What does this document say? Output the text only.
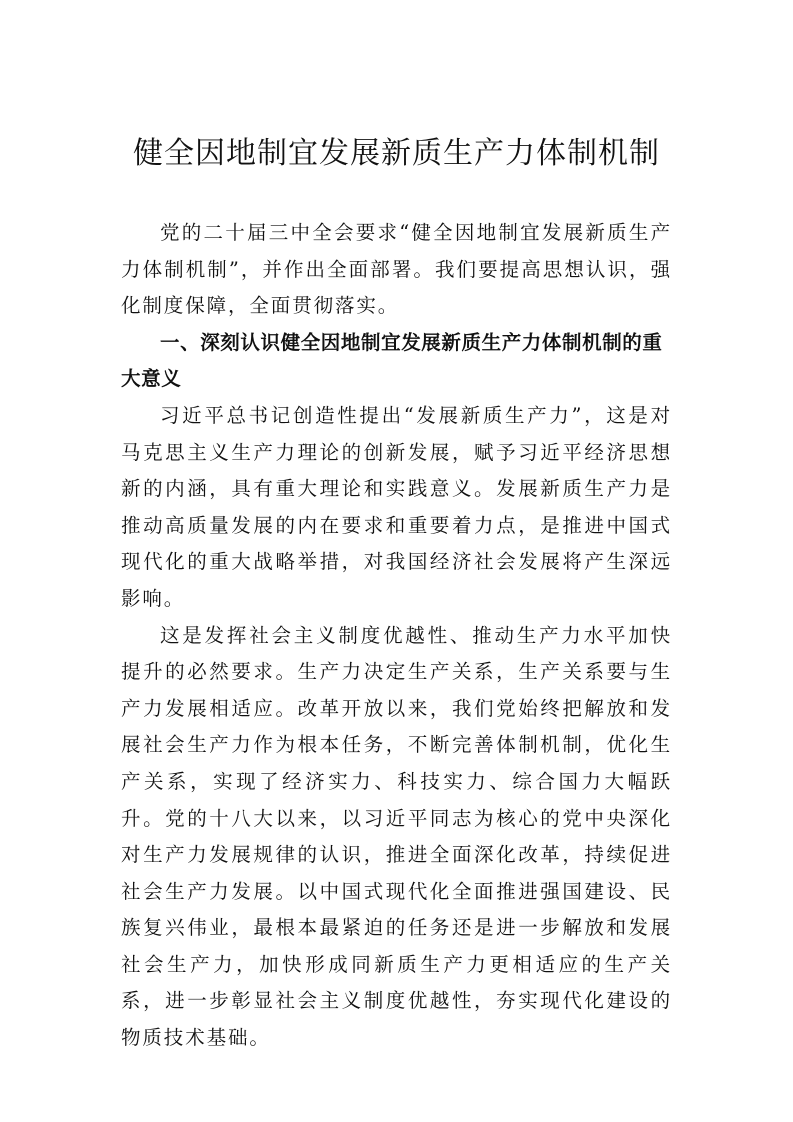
健全因地制宜发展新质生产力体制机制

党的二十届三中全会要求“健全因地制宜发展新质生产力体制机制”，并作出全面部署。我们要提高思想认识，强化制度保障，全面贯彻落实。

一、深刻认识健全因地制宜发展新质生产力体制机制的重大意义

习近平总书记创造性提出“发展新质生产力”，这是对马克思主义生产力理论的创新发展，赋予习近平经济思想新的内涵，具有重大理论和实践意义。发展新质生产力是推动高质量发展的内在要求和重要着力点，是推进中国式现代化的重大战略举措，对我国经济社会发展将产生深远影响。

这是发挥社会主义制度优越性、推动生产力水平加快提升的必然要求。生产力决定生产关系，生产关系要与生产力发展相适应。改革开放以来，我们党始终把解放和发展社会生产力作为根本任务，不断完善体制机制，优化生产关系，实现了经济实力、科技实力、综合国力大幅跃升。党的十八大以来，以习近平同志为核心的党中央深化对生产力发展规律的认识，推进全面深化改革，持续促进社会生产力发展。以中国式现代化全面推进强国建设、民族复兴伟业，最根本最紧迫的任务还是进一步解放和发展社会生产力，加快形成同新质生产力更相适应的生产关系，进一步彰显社会主义制度优越性，夯实现代化建设的物质技术基础。
